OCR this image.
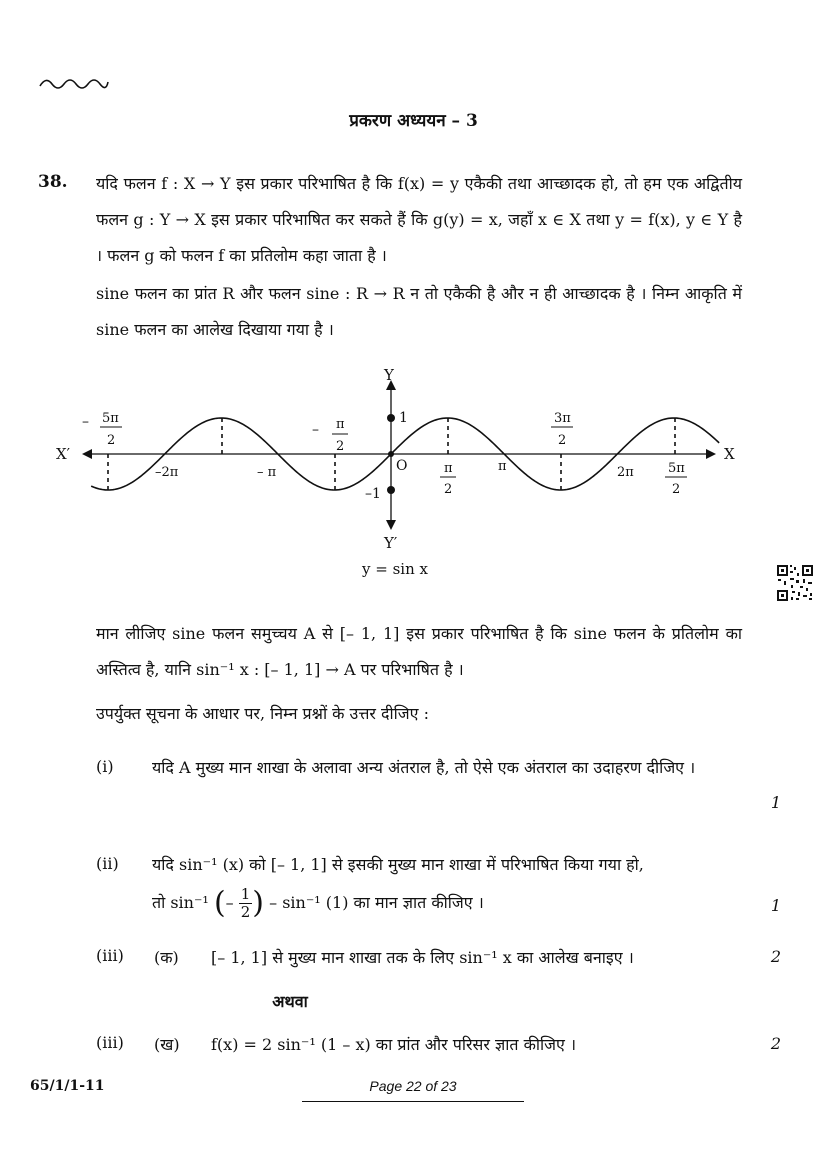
प्रकरण अध्ययन – 3
38. यदि फलन f : X → Y इस प्रकार परिभाषित है कि f(x) = y एकैकी तथा आच्छादक हो, तो हम एक अद्वितीय फलन g : Y → X इस प्रकार परिभाषित कर सकते हैं कि g(y) = x, जहाँ x ∈ X तथा y = f(x), y ∈ Y है । फलन g को फलन f का प्रतिलोम कहा जाता है ।
sine फलन का प्रांत R और फलन sine : R → R न तो एकैकी है और न ही आच्छादक है । निम्न आकृति में sine फलन का आलेख दिखाया गया है ।
Y
Y′
X
X′
O
1
–1
–2π	– π	π	2π
– 5π
2
– π
2
π
2
3π
2
5π
2
y = sin x
मान लीजिए sine फलन समुच्चय A से [– 1, 1] इस प्रकार परिभाषित है कि sine फलन के प्रतिलोम का अस्तित्व है, यानि sin⁻¹ x : [– 1, 1] → A पर परिभाषित है ।
उपर्युक्त सूचना के आधार पर, निम्न प्रश्नों के उत्तर दीजिए :
(i) यदि A मुख्य मान शाखा के अलावा अन्य अंतराल है, तो ऐसे एक अंतराल का उदाहरण दीजिए ।
1
(ii) यदि sin⁻¹ (x) को [– 1, 1] से इसकी मुख्य मान शाखा में परिभाषित किया गया हो,
तो sin⁻¹ (– $\frac{1}{2}$ ) – sin⁻¹ (1) का मान ज्ञात कीजिए ।	1
(iii) (क) [– 1, 1] से मुख्य मान शाखा तक के लिए sin⁻¹ x का आलेख बनाइए ।	2
अथवा
(iii) (ख) f(x) = 2 sin⁻¹ (1 – x) का प्रांत और परिसर ज्ञात कीजिए ।	2
65/1/1-11	Page 22 of 23
